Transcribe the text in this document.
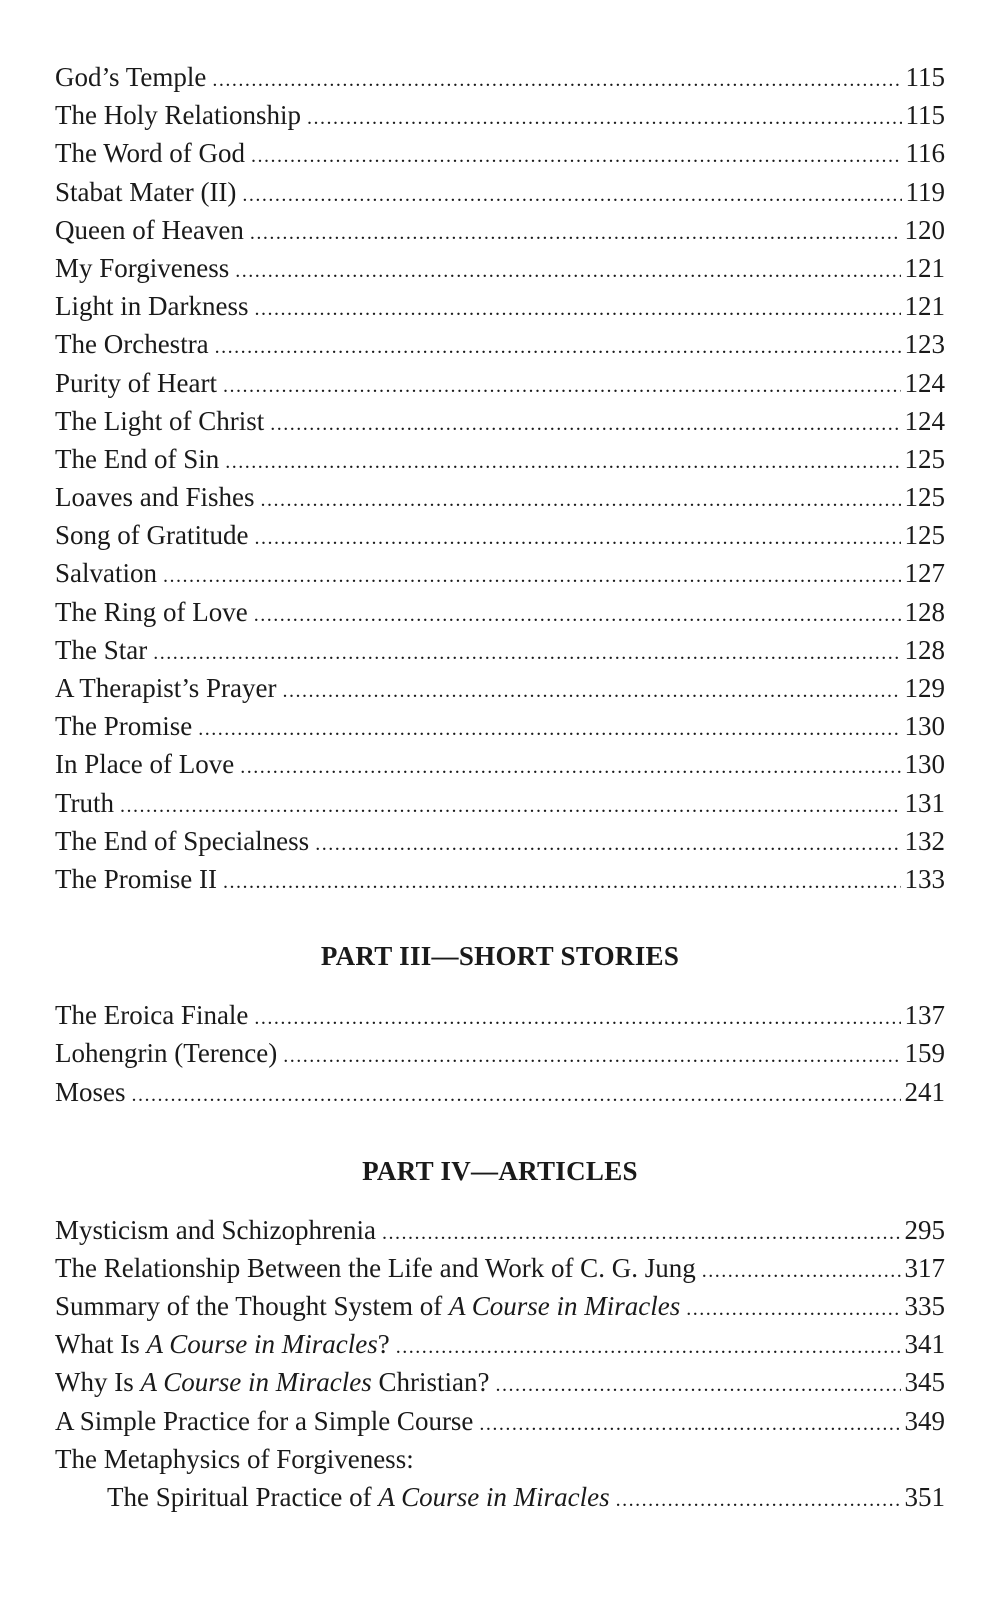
God’s Temple .....	115
The Holy Relationship .....	115
The Word of God .....	116
Stabat Mater (II) .....	119
Queen of Heaven .....	120
My Forgiveness .....	121
Light in Darkness .....	121
The Orchestra .....	123
Purity of Heart .....	124
The Light of Christ .....	124
The End of Sin .....	125
Loaves and Fishes .....	125
Song of Gratitude .....	125
Salvation .....	127
The Ring of Love .....	128
The Star .....	128
A Therapist’s Prayer .....	129
The Promise .....	130
In Place of Love .....	130
Truth .....	131
The End of Specialness .....	132
The Promise II .....	133
PART III—SHORT STORIES
The Eroica Finale .....	137
Lohengrin (Terence) .....	159
Moses .....	241
PART IV—ARTICLES
Mysticism and Schizophrenia .....	295
The Relationship Between the Life and Work of C. G. Jung .....	317
Summary of the Thought System of A Course in Miracles .....	335
What Is A Course in Miracles? .....	341
Why Is A Course in Miracles Christian? .....	345
A Simple Practice for a Simple Course .....	349
The Metaphysics of Forgiveness:
The Spiritual Practice of A Course in Miracles .....	351
